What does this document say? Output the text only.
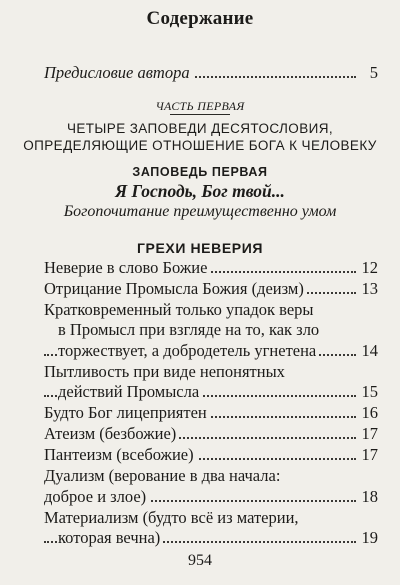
Содержание
Предисловие автора	5
ЧАСТЬ ПЕРВАЯ
ЧЕТЫРЕ ЗАПОВЕДИ ДЕСЯТОСЛОВИЯ,
ОПРЕДЕЛЯЮЩИЕ ОТНОШЕНИЕ БОГА К ЧЕЛОВЕКУ
ЗАПОВЕДЬ ПЕРВАЯ
Я Господь, Бог твой...
Богопочитание преимущественно умом
ГРЕХИ НЕВЕРИЯ
Неверие в слово Божие	12
Отрицание Промысла Божия (деизм)	13
Кратковременный только упадок веры
в Промысл при взгляде на то, как зло
торжествует, а добродетель угнетена	14
Пытливость при виде непонятных
действий Промысла	15
Будто Бог лицеприятен	16
Атеизм (безбожие)	17
Пантеизм (всебожие)	17
Дуализм (верование в два начала:
доброе и злое)	18
Материализм (будто всё из материи,
которая вечна)	19
954
